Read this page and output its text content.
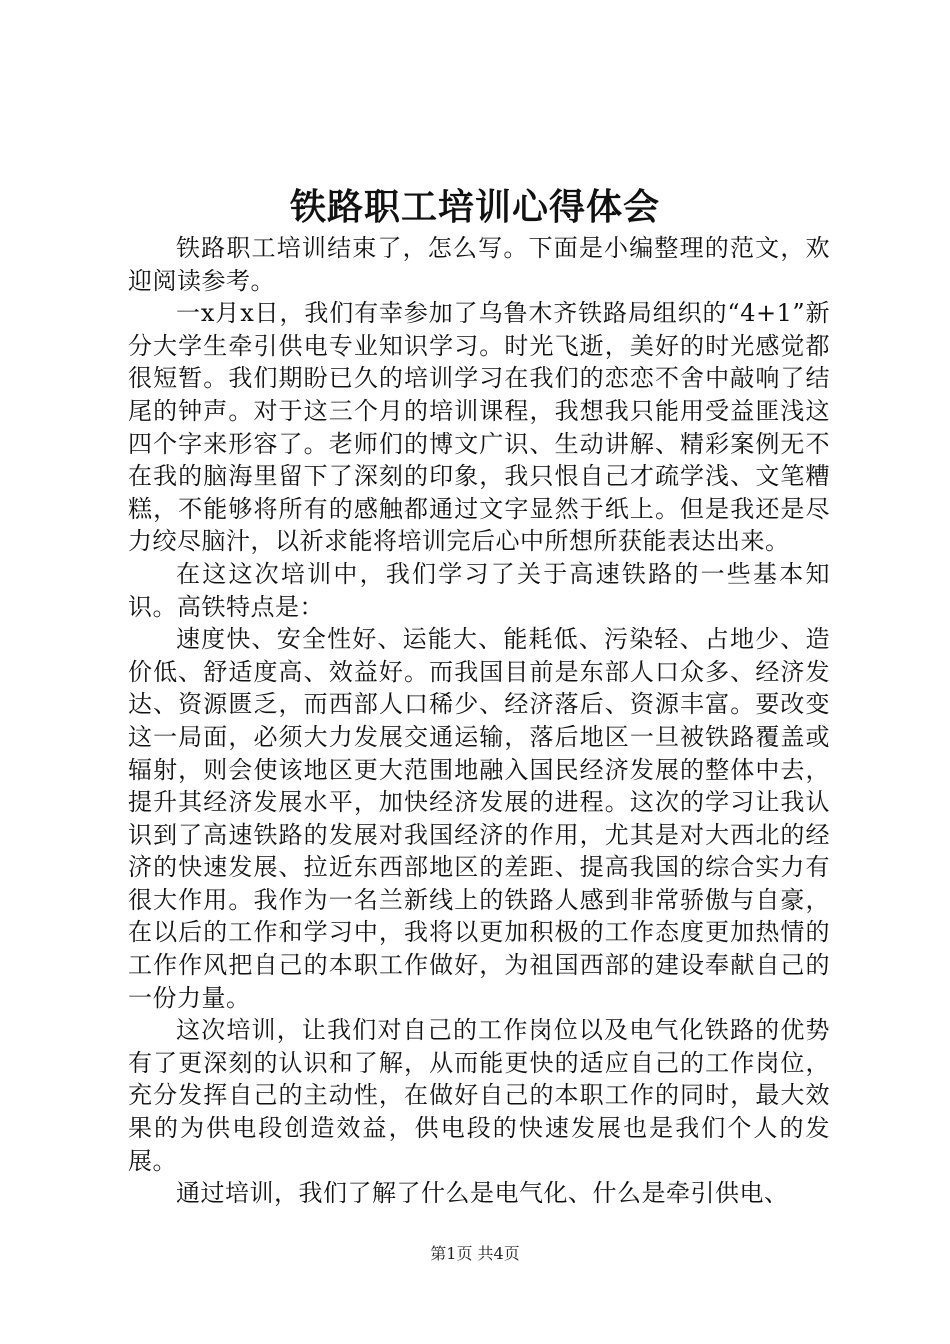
铁路职工培训心得体会

铁路职工培训结束了，怎么写。下面是小编整理的范文，欢迎阅读参考。

一x月x日，我们有幸参加了乌鲁木齐铁路局组织的“4+1”新分大学生牵引供电专业知识学习。时光飞逝，美好的时光感觉都很短暂。我们期盼已久的培训学习在我们的恋恋不舍中敲响了结尾的钟声。对于这三个月的培训课程，我想我只能用受益匪浅这四个字来形容了。老师们的博文广识、生动讲解、精彩案例无不在我的脑海里留下了深刻的印象，我只恨自己才疏学浅、文笔糟糕，不能够将所有的感触都通过文字显然于纸上。但是我还是尽力绞尽脑汁，以祈求能将培训完后心中所想所获能表达出来。

在这这次培训中，我们学习了关于高速铁路的一些基本知识。高铁特点是：

速度快、安全性好、运能大、能耗低、污染轻、占地少、造价低、舒适度高、效益好。而我国目前是东部人口众多、经济发达、资源匮乏，而西部人口稀少、经济落后、资源丰富。要改变这一局面，必须大力发展交通运输，落后地区一旦被铁路覆盖或辐射，则会使该地区更大范围地融入国民经济发展的整体中去，提升其经济发展水平，加快经济发展的进程。这次的学习让我认识到了高速铁路的发展对我国经济的作用，尤其是对大西北的经济的快速发展、拉近东西部地区的差距、提高我国的综合实力有很大作用。我作为一名兰新线上的铁路人感到非常骄傲与自豪，在以后的工作和学习中，我将以更加积极的工作态度更加热情的工作作风把自己的本职工作做好，为祖国西部的建设奉献自己的一份力量。

这次培训，让我们对自己的工作岗位以及电气化铁路的优势有了更深刻的认识和了解，从而能更快的适应自己的工作岗位，充分发挥自己的主动性，在做好自己的本职工作的同时，最大效果的为供电段创造效益，供电段的快速发展也是我们个人的发展。

通过培训，我们了解了什么是电气化、什么是牵引供电、

第1页 共4页
